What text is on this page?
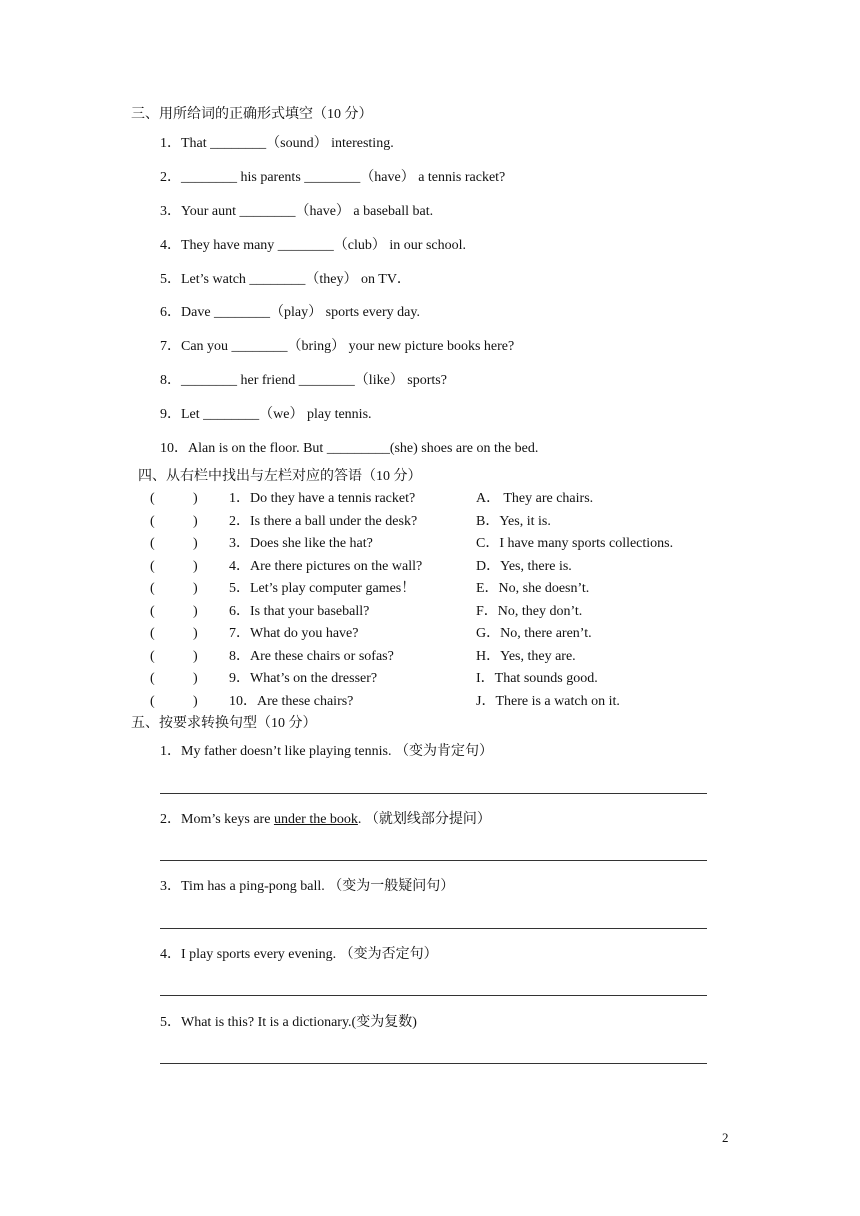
三、用所给词的正确形式填空（10 分）
1．That ________（sound） interesting.
2．________ his parents ________（have） a tennis racket?
3．Your aunt ________（have） a baseball bat.
4．They have many ________（club） in our school.
5．Let’s watch ________（they） on TV．
6．Dave ________（play） sports every day.
7．Can you ________（bring） your new picture books here?
8．________ her friend ________（like） sports?
9．Let ________（we） play tennis.
10．Alan is on the floor. But _________(she) shoes are on the bed.
四、从右栏中找出与左栏对应的答语（10 分）
(	) 1．Do they have a tennis racket?	A． They are chairs.
(	) 2．Is there a ball under the desk?	B．Yes, it is.
(	) 3．Does she like the hat?	C．I have many sports collections.
(	) 4．Are there pictures on the wall?	D．Yes, there is.
(	) 5．Let’s play computer games！	E．No, she doesn’t.
(	) 6．Is that your baseball?	F．No, they don’t.
(	) 7．What do you have?	G．No, there aren’t.
(	) 8．Are these chairs or sofas?	H．Yes, they are.
(	) 9．What’s on the dresser?	I．That sounds good.
(	) 10．Are these chairs?	J．There is a watch on it.
五、按要求转换句型（10 分）
1．My father doesn’t like playing tennis. （变为肯定句）
2．Mom’s keys are under the book. （就划线部分提问）
3．Tim has a ping-pong ball. （变为一般疑问句）
4．I play sports every evening. （变为否定句）
5．What is this? It is a dictionary.(变为复数)
2
